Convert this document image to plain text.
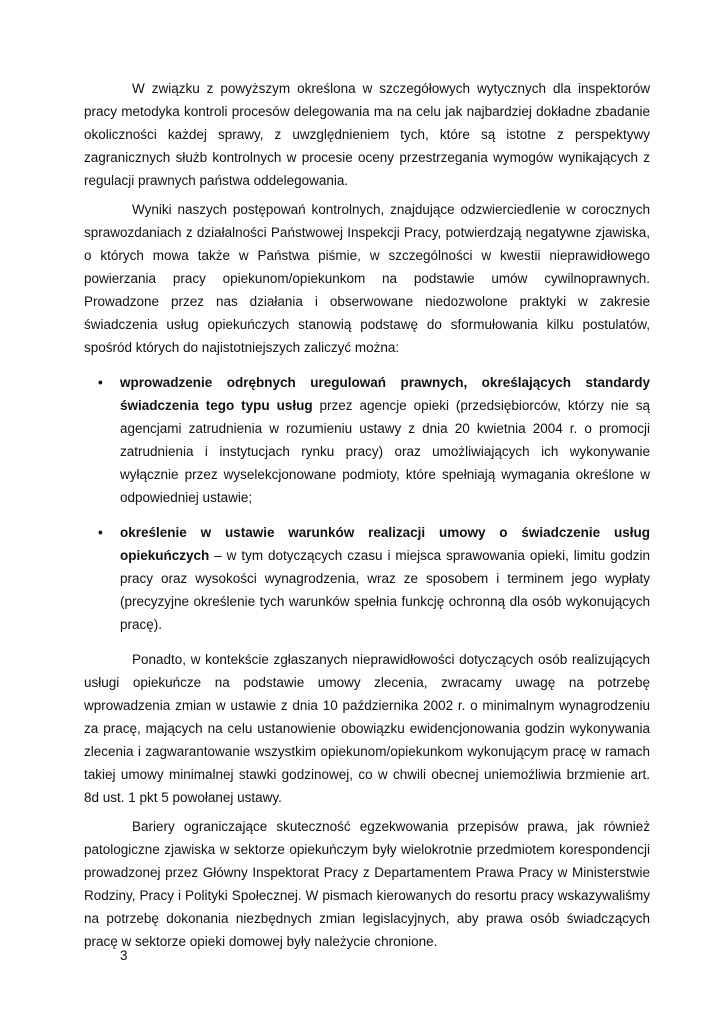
W związku z powyższym określona w szczegółowych wytycznych dla inspektorów pracy metodyka kontroli procesów delegowania ma na celu jak najbardziej dokładne zbadanie okoliczności każdej sprawy, z uwzględnieniem tych, które są istotne z perspektywy zagranicznych służb kontrolnych w procesie oceny przestrzegania wymogów wynikających z regulacji prawnych państwa oddelegowania.

Wyniki naszych postępowań kontrolnych, znajdujące odzwierciedlenie w corocznych sprawozdaniach z działalności Państwowej Inspekcji Pracy, potwierdzają negatywne zjawiska, o których mowa także w Państwa piśmie, w szczególności w kwestii nieprawidłowego powierzania pracy opiekunom/opiekunkom na podstawie umów cywilnoprawnych. Prowadzone przez nas działania i obserwowane niedozwolone praktyki w zakresie świadczenia usług opiekuńczych stanowią podstawę do sformułowania kilku postulatów, spośród których do najistotniejszych zaliczyć można:

• wprowadzenie odrębnych uregulowań prawnych, określających standardy świadczenia tego typu usług przez agencje opieki (przedsiębiorców, którzy nie są agencjami zatrudnienia w rozumieniu ustawy z dnia 20 kwietnia 2004 r. o promocji zatrudnienia i instytucjach rynku pracy) oraz umożliwiających ich wykonywanie wyłącznie przez wyselekcjonowane podmioty, które spełniają wymagania określone w odpowiedniej ustawie;
• określenie w ustawie warunków realizacji umowy o świadczenie usług opiekuńczych – w tym dotyczących czasu i miejsca sprawowania opieki, limitu godzin pracy oraz wysokości wynagrodzenia, wraz ze sposobem i terminem jego wypłaty (precyzyjne określenie tych warunków spełnia funkcję ochronną dla osób wykonujących pracę).

Ponadto, w kontekście zgłaszanych nieprawidłowości dotyczących osób realizujących usługi opiekuńcze na podstawie umowy zlecenia, zwracamy uwagę na potrzebę wprowadzenia zmian w ustawie z dnia 10 października 2002 r. o minimalnym wynagrodzeniu za pracę, mających na celu ustanowienie obowiązku ewidencjonowania godzin wykonywania zlecenia i zagwarantowanie wszystkim opiekunom/opiekunkom wykonującym pracę w ramach takiej umowy minimalnej stawki godzinowej, co w chwili obecnej uniemożliwia brzmienie art. 8d ust. 1 pkt 5 powołanej ustawy.

Bariery ograniczające skuteczność egzekwowania przepisów prawa, jak również patologiczne zjawiska w sektorze opiekuńczym były wielokrotnie przedmiotem korespondencji prowadzonej przez Główny Inspektorat Pracy z Departamentem Prawa Pracy w Ministerstwie Rodziny, Pracy i Polityki Społecznej. W pismach kierowanych do resortu pracy wskazywaliśmy na potrzebę dokonania niezbędnych zmian legislacyjnych, aby prawa osób świadczących pracę w sektorze opieki domowej były należycie chronione.

3
